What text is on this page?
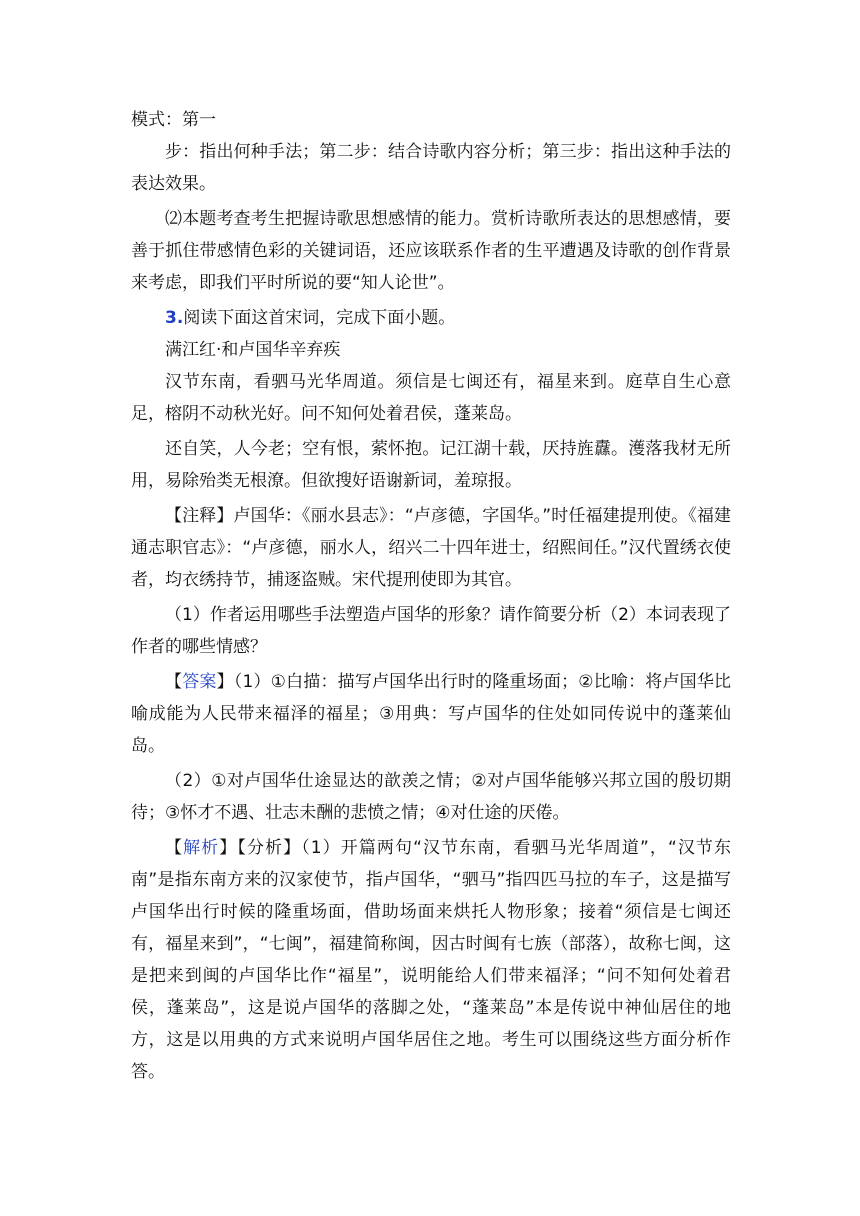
模式：第一

步：指出何种手法；第二步：结合诗歌内容分析；第三步：指出这种手法的表达效果。

⑵本题考查考生把握诗歌思想感情的能力。赏析诗歌所表达的思想感情，要善于抓住带感情色彩的关键词语，还应该联系作者的生平遭遇及诗歌的创作背景来考虑，即我们平时所说的要“知人论世”。

3.阅读下面这首宋词，完成下面小题。

满江红·和卢国华辛弃疾

汉节东南，看驷马光华周道。须信是七闽还有，福星来到。庭草自生心意足，榕阴不动秋光好。问不知何处着君侯，蓬莱岛。

还自笑，人今老；空有恨，萦怀抱。记江湖十载，厌持旌纛。濩落我材无所用，易除殆类无根潦。但欲搜好语谢新词，羞琼报。

【注释】卢国华：《丽水县志》：“卢彦德，字国华。”时任福建提刑使。《福建通志职官志》：“卢彦德，丽水人，绍兴二十四年进士，绍熙间任。”汉代置绣衣使者，均衣绣持节，捕逐盗贼。宋代提刑使即为其官。

（1）作者运用哪些手法塑造卢国华的形象？请作简要分析（2）本词表现了作者的哪些情感？

【答案】（1）①白描：描写卢国华出行时的隆重场面；②比喻：将卢国华比喻成能为人民带来福泽的福星；③用典：写卢国华的住处如同传说中的蓬莱仙岛。

（2）①对卢国华仕途显达的歆羡之情；②对卢国华能够兴邦立国的殷切期待；③怀才不遇、壮志未酬的悲愤之情；④对仕途的厌倦。

【解析】【分析】（1）开篇两句“汉节东南，看驷马光华周道”，“汉节东南”是指东南方来的汉家使节，指卢国华，“驷马”指四匹马拉的车子，这是描写卢国华出行时候的隆重场面，借助场面来烘托人物形象；接着“须信是七闽还有，福星来到”，“七闽”，福建简称闽，因古时闽有七族（部落），故称七闽，这是把来到闽的卢国华比作“福星”，说明能给人们带来福泽；“问不知何处着君侯，蓬莱岛”，这是说卢国华的落脚之处，“蓬莱岛”本是传说中神仙居住的地方，这是以用典的方式来说明卢国华居住之地。考生可以围绕这些方面分析作答。
